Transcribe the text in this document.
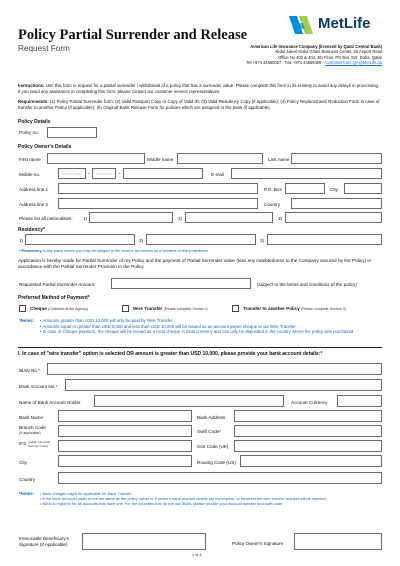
Policy Partial Surrender and Release
Request Form
MetLife
American Life Insurance Company (licensed by Qatar Central Bank)
Abdul Jaleel Abdul Ghani Business Center, 26 Airport Road
Office No 402 & 403, 4th Floor, PO Box 310, Doha, Qatar
Tel +974 44650057 - Fax +974 44659409 - CustomerCare.QA@MetLife.qa
Instructions: Use this form to request for a partial surrender / withdrawal of a policy that has a surrender value. Please complete this form in its entirety to avoid any delays in processing. If you need any assistance in completing this form, please contact our customer service representatives.
Requirements: (1) Policy Partial Surrender form; (2) Valid Passport Copy or Copy of Valid ID; (3) Valid Residency Copy (if applicable); (4) Policy Replacement/ Reduction Form in case of transfer to another Policy (if applicable); (5) Original Bank Release Form for policies which are assigned to the bank (if applicable).
Policy Details
Policy no.
Policy Owner's Details
First name	Middle name	Last name
Mobile no.	Country code	–	Area code	–	E-mail
Address line 1	P.O. Box	City
Address line 2	Country
Please list all nationalities: 1)	2)	3)
Residency*
1)	2)	3)
**Residency is any place where you may be obliged to file income tax returns as a resident of that jurisdiction.
Application is hereby made for Partial Surrender of my Policy and the payment of Partial Surrender value (less any indebtedness to the Company secured by the Policy) in accordance with the Partial Surrender Provision in the Policy.
Requested Partial Surrender Amount:	(subject to the terms and conditions of the policy)
Preferred Method of Payment*
Cheque (Collected at the Agency)	Wire Transfer (Please complete Section I)	Transfer to another Policy (Please complete Section II)
*Notes: • Amounts greater than USD 10,000 will only be paid by Wire Transfer.
• Amounts equal or greater than USD 5,000 and less than USD 10,000 will be issued as an account payee cheque or via Wire Transfer.
• In case of Cheque payment, the cheque will be issued as a local cheque in local currency and can only be deposited in the country where the policy was purchased.
I. In case of "wire transfer" option is selected OR amount is greater than USD 10,000, please provide your bank account details:*
IBAN No.*
Bank Account No.*
Name of Bank Account Holder	Account Currency
Bank Name	Bank Address
Branch Code
(If applicable)	Swift Code*
IFS (Indian Financial Security Code)	Sort Code (UK)
City	Routing Code (US)
Country
*Notes: • Bank charges might be applicable for Bank Transfer.
• If the bank account holder is not the same as the policy owner or if owner's bank account details are incomplete, or incorrect the wire transfer request will be rejected.
• IBAN is required for all accounts that have one. For the countries that do not use IBAN, please provide your account number and swift code.
Irrevocable Beneficiary's
Signature (if Applicable)	Policy Owner's Signature
1 of 4
